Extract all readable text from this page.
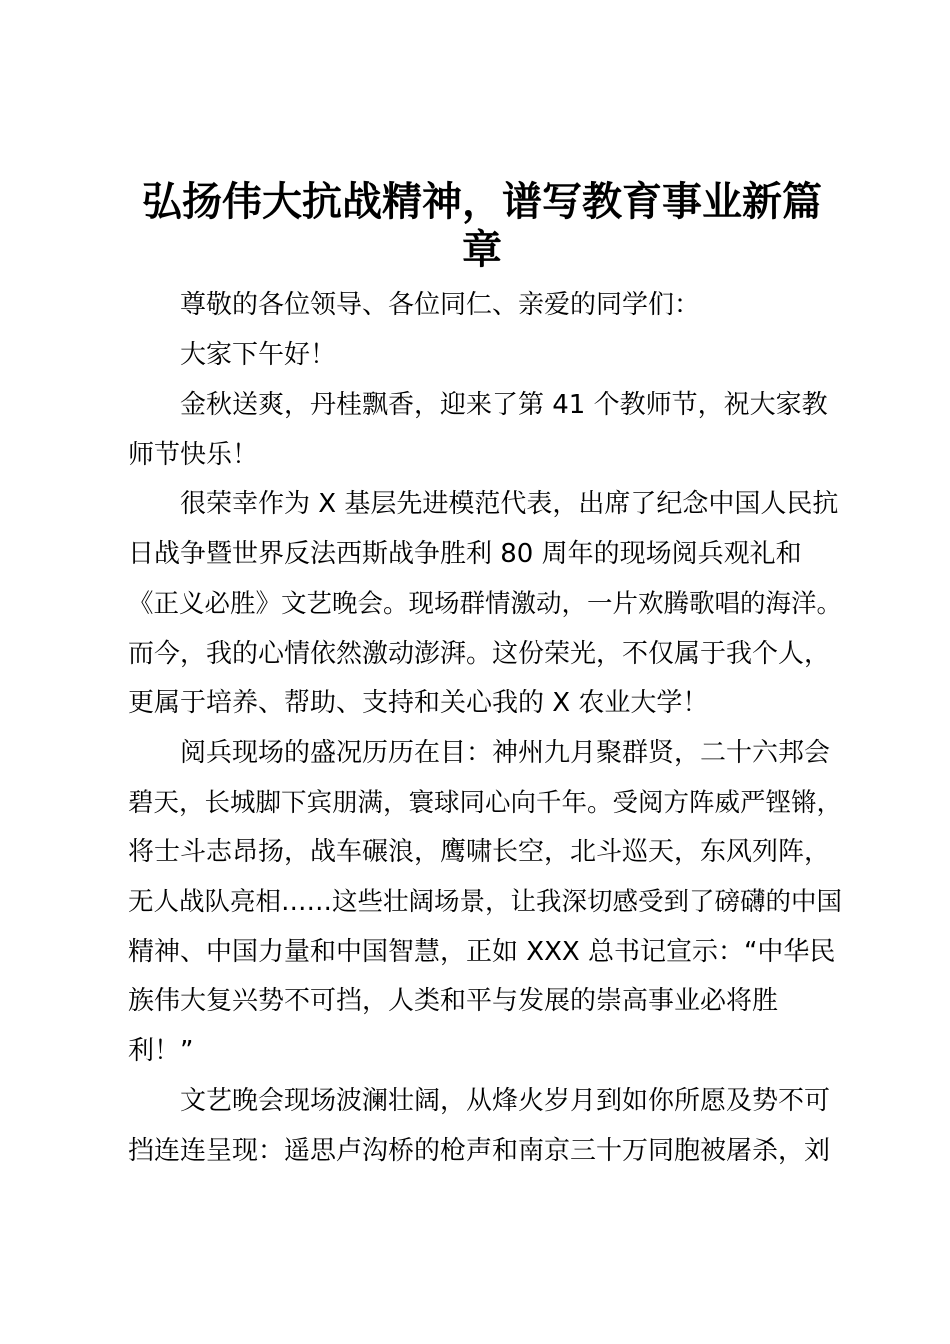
弘扬伟大抗战精神，谱写教育事业新篇
章

　　尊敬的各位领导、各位同仁、亲爱的同学们：

　　大家下午好！

　　金秋送爽，丹桂飘香，迎来了第 41 个教师节，祝大家教

师节快乐！

　　很荣幸作为 X 基层先进模范代表，出席了纪念中国人民抗

日战争暨世界反法西斯战争胜利 80 周年的现场阅兵观礼和

《正义必胜》文艺晚会。现场群情激动，一片欢腾歌唱的海洋。

而今，我的心情依然激动澎湃。这份荣光，不仅属于我个人，

更属于培养、帮助、支持和关心我的 X 农业大学！

　　阅兵现场的盛况历历在目：神州九月聚群贤，二十六邦会

碧天，长城脚下宾朋满，寰球同心向千年。受阅方阵威严铿锵，

将士斗志昂扬，战车碾浪，鹰啸长空，北斗巡天，东风列阵，

无人战队亮相……这些壮阔场景，让我深切感受到了磅礴的中国

精神、中国力量和中国智慧，正如 XXX 总书记宣示：“中华民

族伟大复兴势不可挡，人类和平与发展的崇高事业必将胜

利！”

　　文艺晚会现场波澜壮阔，从烽火岁月到如你所愿及势不可

挡连连呈现：遥思卢沟桥的枪声和南京三十万同胞被屠杀，刘
